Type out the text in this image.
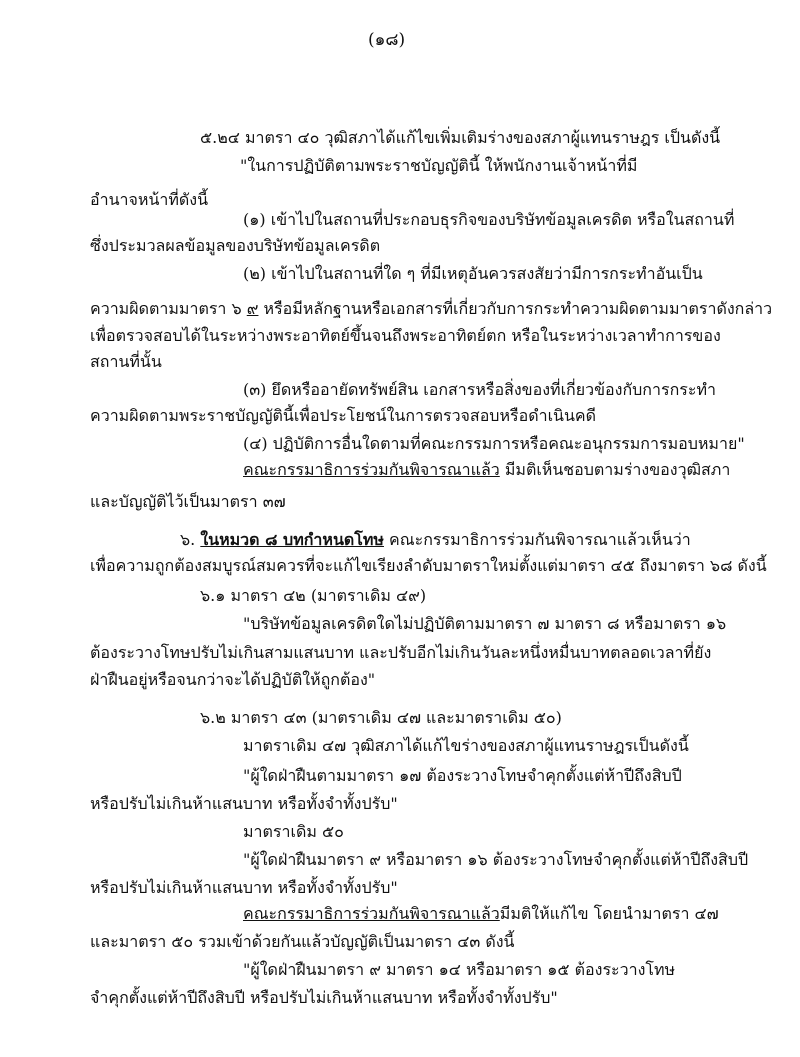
(๑๘)
๕.๒๔ มาตรา ๔๐ วุฒิสภาได้แก้ไขเพิ่มเติมร่างของสภาผู้แทนราษฎร เป็นดังนี้
"ในการปฏิบัติตามพระราชบัญญัตินี้ ให้พนักงานเจ้าหน้าที่มี
อำนาจหน้าที่ดังนี้
(๑) เข้าไปในสถานที่ประกอบธุรกิจของบริษัทข้อมูลเครดิต หรือในสถานที่
ซึ่งประมวลผลข้อมูลของบริษัทข้อมูลเครดิต
(๒) เข้าไปในสถานที่ใด ๆ ที่มีเหตุอันควรสงสัยว่ามีการกระทำอันเป็น
ความผิดตามมาตรา ๖ ๙ หรือมีหลักฐานหรือเอกสารที่เกี่ยวกับการกระทำความผิดตามมาตราดังกล่าว
เพื่อตรวจสอบได้ในระหว่างพระอาทิตย์ขึ้นจนถึงพระอาทิตย์ตก หรือในระหว่างเวลาทำการของ
สถานที่นั้น
(๓) ยึดหรืออายัดทรัพย์สิน เอกสารหรือสิ่งของที่เกี่ยวข้องกับการกระทำ
ความผิดตามพระราชบัญญัตินี้เพื่อประโยชน์ในการตรวจสอบหรือดำเนินคดี
(๔) ปฏิบัติการอื่นใดตามที่คณะกรรมการหรือคณะอนุกรรมการมอบหมาย"
คณะกรรมาธิการร่วมกันพิจารณาแล้ว มีมติเห็นชอบตามร่างของวุฒิสภา
และบัญญัติไว้เป็นมาตรา ๓๗
๖. ในหมวด ๘ บทกำหนดโทษ คณะกรรมาธิการร่วมกันพิจารณาแล้วเห็นว่า
เพื่อความถูกต้องสมบูรณ์สมควรที่จะแก้ไขเรียงลำดับมาตราใหม่ตั้งแต่มาตรา ๔๕ ถึงมาตรา ๖๘ ดังนี้
๖.๑ มาตรา ๔๒ (มาตราเดิม ๔๙)
"บริษัทข้อมูลเครดิตใดไม่ปฏิบัติตามมาตรา ๗ มาตรา ๘ หรือมาตรา ๑๖
ต้องระวางโทษปรับไม่เกินสามแสนบาท และปรับอีกไม่เกินวันละหนึ่งหมื่นบาทตลอดเวลาที่ยัง
ฝ่าฝืนอยู่หรือจนกว่าจะได้ปฏิบัติให้ถูกต้อง"
๖.๒ มาตรา ๔๓ (มาตราเดิม ๔๗ และมาตราเดิม ๕๐)
มาตราเดิม ๔๗ วุฒิสภาได้แก้ไขร่างของสภาผู้แทนราษฎรเป็นดังนี้
"ผู้ใดฝ่าฝืนตามมาตรา ๑๗ ต้องระวางโทษจำคุกตั้งแต่ห้าปีถึงสิบปี
หรือปรับไม่เกินห้าแสนบาท หรือทั้งจำทั้งปรับ"
มาตราเดิม ๕๐
"ผู้ใดฝ่าฝืนมาตรา ๙ หรือมาตรา ๑๖ ต้องระวางโทษจำคุกตั้งแต่ห้าปีถึงสิบปี
หรือปรับไม่เกินห้าแสนบาท หรือทั้งจำทั้งปรับ"
คณะกรรมาธิการร่วมกันพิจารณาแล้วมีมติให้แก้ไข โดยนำมาตรา ๔๗
และมาตรา ๕๐ รวมเข้าด้วยกันแล้วบัญญัติเป็นมาตรา ๔๓ ดังนี้
"ผู้ใดฝ่าฝืนมาตรา ๙ มาตรา ๑๔ หรือมาตรา ๑๕ ต้องระวางโทษ
จำคุกตั้งแต่ห้าปีถึงสิบปี หรือปรับไม่เกินห้าแสนบาท หรือทั้งจำทั้งปรับ"
